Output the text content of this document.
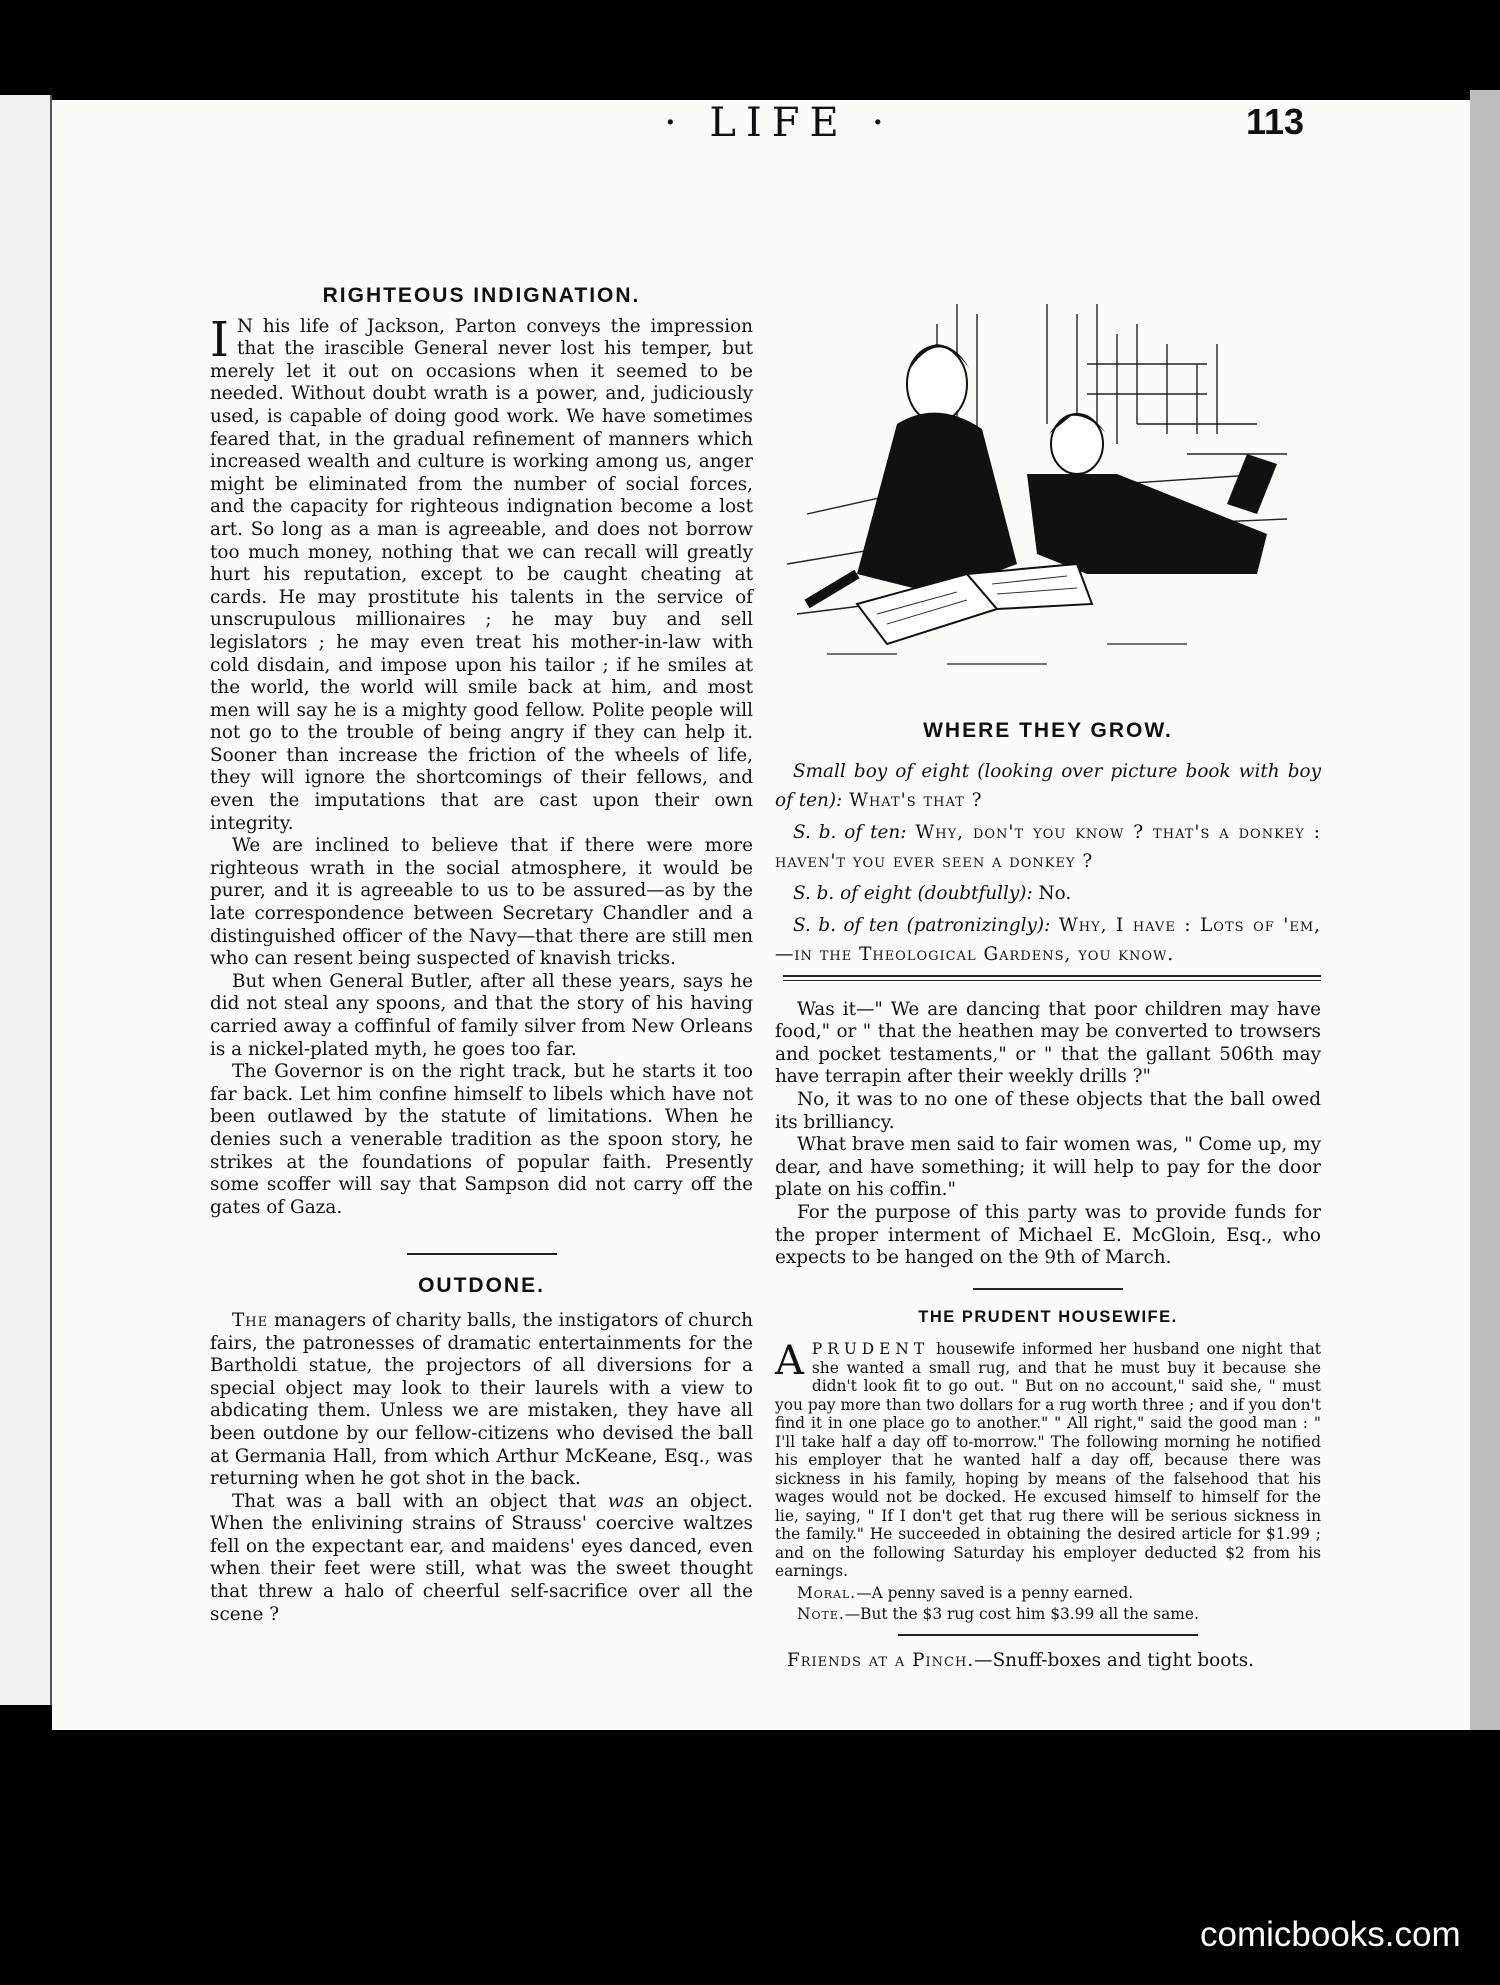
· LIFE ·	113
RIGHTEOUS INDIGNATION.

I N his life of Jackson, Parton conveys the impression that the irascible General never lost his temper, but merely let it out on occasions when it seemed to be needed. Without doubt wrath is a power, and, judiciously used, is capable of doing good work. We have sometimes feared that, in the gradual refinement of manners which increased wealth and culture is working among us, anger might be eliminated from the number of social forces, and the capacity for righteous indignation become a lost art. So long as a man is agreeable, and does not borrow too much money, nothing that we can recall will greatly hurt his reputation, except to be caught cheating at cards. He may prostitute his talents in the service of unscrupulous millionaires ; he may buy and sell legislators ; he may even treat his mother-in-law with cold disdain, and impose upon his tailor ; if he smiles at the world, the world will smile back at him, and most men will say he is a mighty good fellow. Polite people will not go to the trouble of being angry if they can help it. Sooner than increase the friction of the wheels of life, they will ignore the shortcomings of their fellows, and even the imputations that are cast upon their own integrity.

We are inclined to believe that if there were more righteous wrath in the social atmosphere, it would be purer, and it is agreeable to us to be assured—as by the late correspondence between Secretary Chandler and a distinguished officer of the Navy—that there are still men who can resent being suspected of knavish tricks.

But when General Butler, after all these years, says he did not steal any spoons, and that the story of his having carried away a coffinful of family silver from New Orleans is a nickel-plated myth, he goes too far.

The Governor is on the right track, but he starts it too far back. Let him confine himself to libels which have not been outlawed by the statute of limitations. When he denies such a venerable tradition as the spoon story, he strikes at the foundations of popular faith. Presently some scoffer will say that Sampson did not carry off the gates of Gaza.

OUTDONE.

The managers of charity balls, the instigators of church fairs, the patronesses of dramatic entertainments for the Bartholdi statue, the projectors of all diversions for a special object may look to their laurels with a view to abdicating them. Unless we are mistaken, they have all been outdone by our fellow-citizens who devised the ball at Germania Hall, from which Arthur McKeane, Esq., was returning when he got shot in the back.

That was a ball with an object that was an object. When the enlivining strains of Strauss' coercive waltzes fell on the expectant ear, and maidens' eyes danced, even when their feet were still, what was the sweet thought that threw a halo of cheerful self-sacrifice over all the scene ?

WHERE THEY GROW.

Small boy of eight (looking over picture book with boy of ten): What's that ?

S. b. of ten: Why, don't you know ? that's a donkey : haven't you ever seen a donkey ?

S. b. of eight (doubtfully): No.

S. b. of ten (patronizingly): Why, I have : Lots of 'em,—in the Theological Gardens, you know.

Was it—" We are dancing that poor children may have food," or " that the heathen may be converted to trowsers and pocket testaments," or " that the gallant 506th may have terrapin after their weekly drills ?"

No, it was to no one of these objects that the ball owed its brilliancy.

What brave men said to fair women was, " Come up, my dear, and have something; it will help to pay for the door plate on his coffin."

For the purpose of this party was to provide funds for the proper interment of Michael E. McGloin, Esq., who expects to be hanged on the 9th of March.

THE PRUDENT HOUSEWIFE.

APRUDENT housewife informed her husband one night that she wanted a small rug, and that he must buy it because she didn't look fit to go out. " But on no account," said she, " must you pay more than two dollars for a rug worth three ; and if you don't find it in one place go to another." " All right," said the good man : " I'll take half a day off to-morrow." The following morning he notified his employer that he wanted half a day off, because there was sickness in his family, hoping by means of the falsehood that his wages would not be docked. He excused himself to himself for the lie, saying, " If I don't get that rug there will be serious sickness in the family." He succeeded in obtaining the desired article for $1.99 ; and on the following Saturday his employer deducted $2 from his earnings.

Moral.—A penny saved is a penny earned.

Note.—But the $3 rug cost him $3.99 all the same.

Friends at a Pinch.—Snuff-boxes and tight boots.

comicbooks.com
